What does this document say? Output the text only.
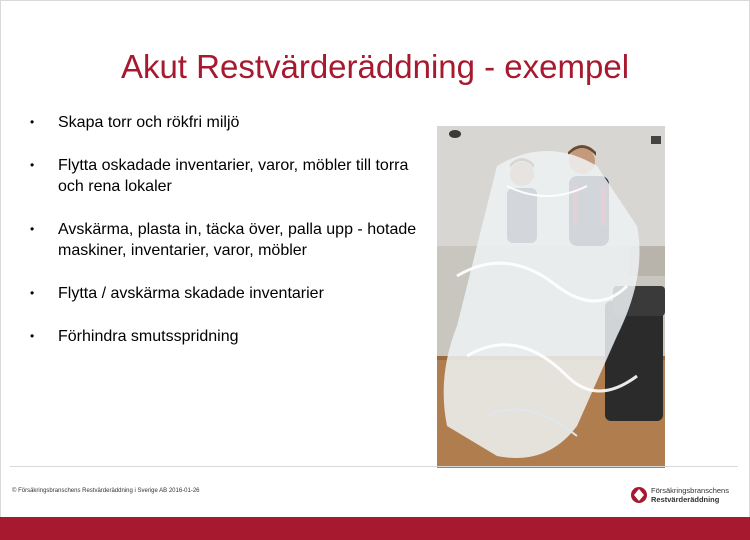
Akut Restvärderäddning - exempel
• Skapa torr och rökfri miljö
• Flytta oskadade inventarier, varor, möbler till torra och rena lokaler
• Avskärma, plasta in, täcka över, palla upp - hotade maskiner, inventarier, varor, möbler
• Flytta / avskärma skadade inventarier
• Förhindra smutsspridning
© Försäkringsbranschens Restvärderäddning i Sverige AB 2016-01-26	Försäkringsbranschens
Restvärderäddning
